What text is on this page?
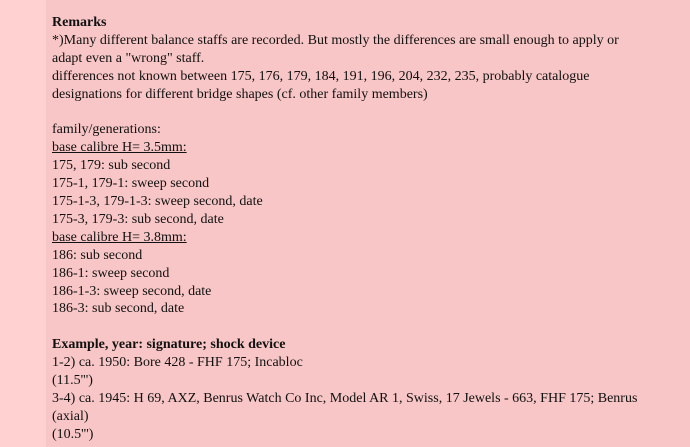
Remarks
*)Many different balance staffs are recorded. But mostly the differences are small enough to apply or
adapt even a "wrong" staff.
differences not known between 175, 176, 179, 184, 191, 196, 204, 232, 235, probably catalogue
designations for different bridge shapes (cf. other family members)
family/generations:
base calibre H= 3.5mm:
175, 179: sub second
175-1, 179-1: sweep second
175-1-3, 179-1-3: sweep second, date
175-3, 179-3: sub second, date
base calibre H= 3.8mm:
186: sub second
186-1: sweep second
186-1-3: sweep second, date
186-3: sub second, date
Example, year: signature; shock device
1-2) ca. 1950: Bore 428 - FHF 175; Incabloc
(11.5''')
3-4) ca. 1945: H 69, AXZ, Benrus Watch Co Inc, Model AR 1, Swiss, 17 Jewels - 663, FHF 175; Benrus
(axial)
(10.5''')
